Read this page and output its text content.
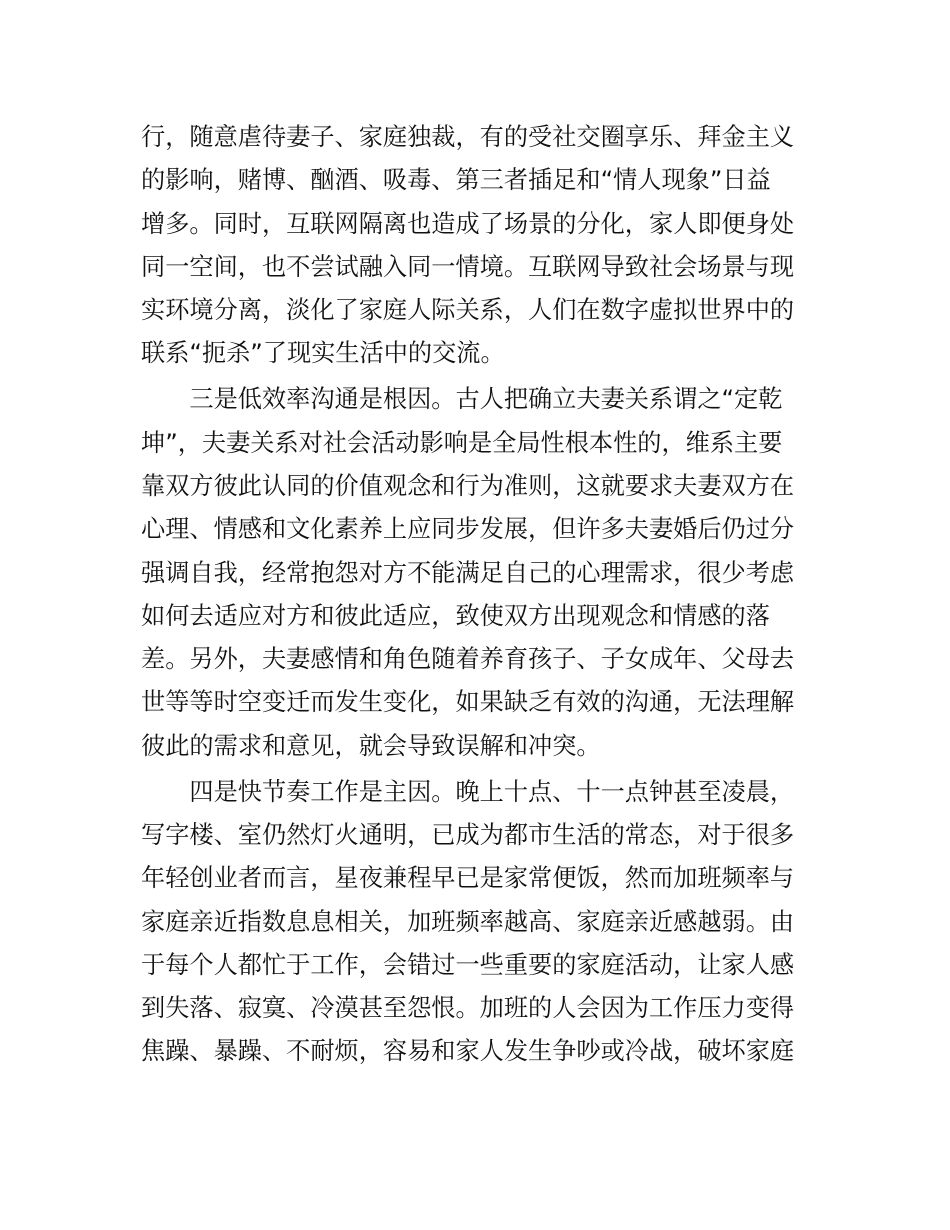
行，随意虐待妻子、家庭独裁，有的受社交圈享乐、拜金主义
的影响，赌博、酗酒、吸毒、第三者插足和“情人现象”日益
增多。同时，互联网隔离也造成了场景的分化，家人即便身处
同一空间，也不尝试融入同一情境。互联网导致社会场景与现
实环境分离，淡化了家庭人际关系，人们在数字虚拟世界中的
联系“扼杀”了现实生活中的交流。
　　三是低效率沟通是根因。古人把确立夫妻关系谓之“定乾
坤”，夫妻关系对社会活动影响是全局性根本性的，维系主要
靠双方彼此认同的价值观念和行为准则，这就要求夫妻双方在
心理、情感和文化素养上应同步发展，但许多夫妻婚后仍过分
强调自我，经常抱怨对方不能满足自己的心理需求，很少考虑
如何去适应对方和彼此适应，致使双方出现观念和情感的落
差。另外，夫妻感情和角色随着养育孩子、子女成年、父母去
世等等时空变迁而发生变化，如果缺乏有效的沟通，无法理解
彼此的需求和意见，就会导致误解和冲突。
　　四是快节奏工作是主因。晚上十点、十一点钟甚至凌晨，
写字楼、室仍然灯火通明，已成为都市生活的常态，对于很多
年轻创业者而言，星夜兼程早已是家常便饭，然而加班频率与
家庭亲近指数息息相关，加班频率越高、家庭亲近感越弱。由
于每个人都忙于工作，会错过一些重要的家庭活动，让家人感
到失落、寂寞、冷漠甚至怨恨。加班的人会因为工作压力变得
焦躁、暴躁、不耐烦，容易和家人发生争吵或冷战，破坏家庭
